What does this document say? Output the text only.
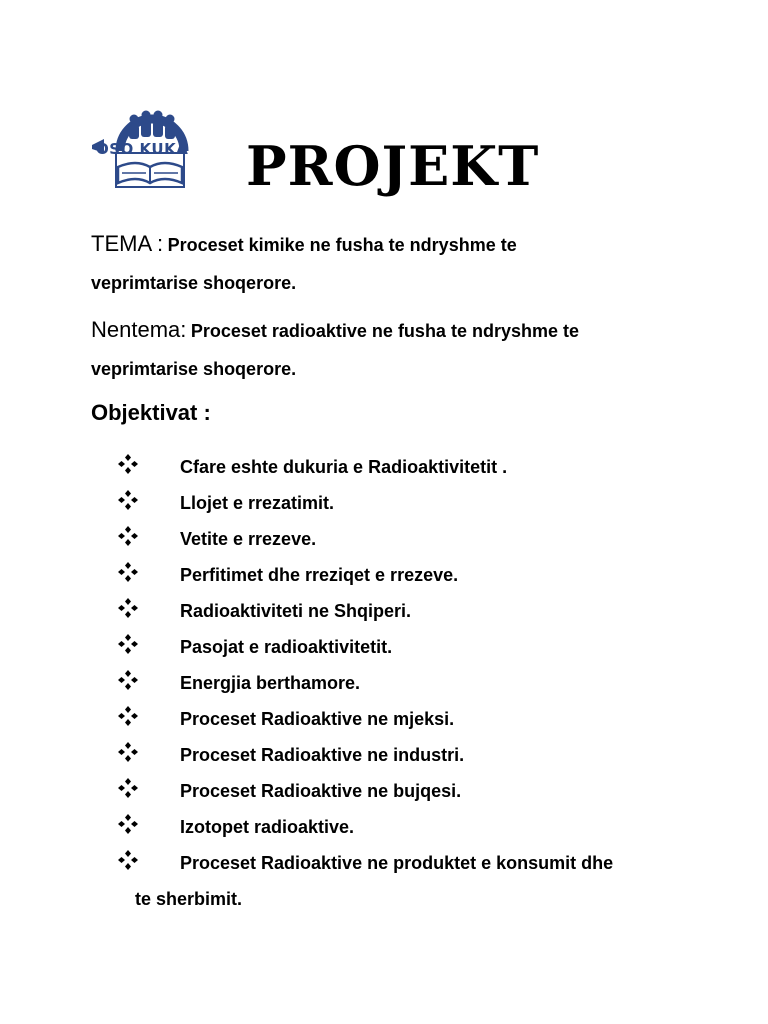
OSO KUKA PROJEKT
TEMA : Proceset kimike ne fusha te ndryshme te
veprimtarise shoqerore.
Nentema: Proceset radioaktive ne fusha te ndryshme te
veprimtarise shoqerore.
Objektivat :
Cfare eshte dukuria e Radioaktivitetit .
Llojet e rrezatimit.
Vetite e rrezeve.
Perfitimet dhe rreziqet e rrezeve.
Radioaktiviteti ne Shqiperi.
Pasojat e radioaktivitetit.
Energjia berthamore.
Proceset Radioaktive ne mjeksi.
Proceset Radioaktive ne industri.
Proceset Radioaktive ne bujqesi.
Izotopet radioaktive.
Proceset Radioaktive ne produktet e konsumit dhe
te sherbimit.
